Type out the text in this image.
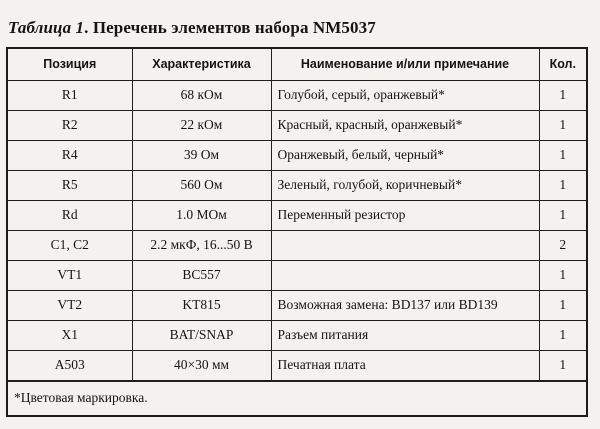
Таблица 1. Перечень элементов набора NM5037
Позиция	Характеристика	Наименование и/или примечание	Кол.
R1	68 кОм	Голубой, серый, оранжевый*	1
R2	22 кОм	Красный, красный, оранжевый*	1
R4	39 Ом	Оранжевый, белый, черный*	1
R5	560 Ом	Зеленый, голубой, коричневый*	1
Rd	1.0 МОм	Переменный резистор	1
C1, C2	2.2 мкФ, 16...50 В		2
VT1	BC557		1
VT2	KT815	Возможная замена: BD137 или BD139	1
X1	BAT/SNAP	Разъем питания	1
A503	40×30 мм	Печатная плата	1
*Цветовая маркировка.
